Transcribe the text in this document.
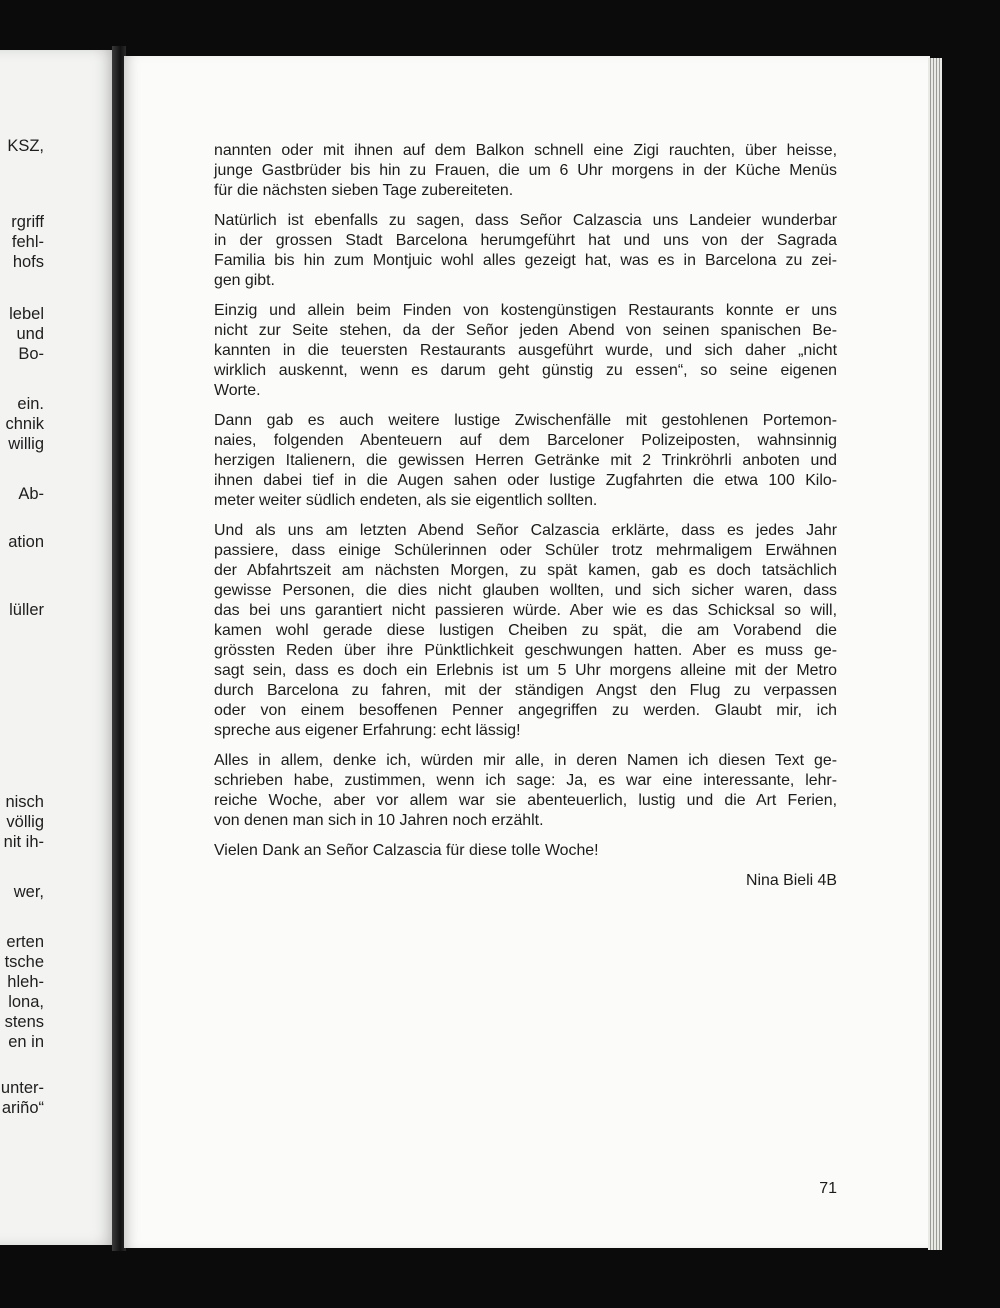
KSZ,
rgriff
fehl-
hofs
lebel
und
Bo-
ein.
chnik
willig
Ab-
ation
lüller
nisch
völlig
nit ih-
wer,
erten
tsche
hleh-
lona,
stens
en in
unter-
ariño“
nannten oder mit ihnen auf dem Balkon schnell eine Zigi rauchten, über heisse,
junge Gastbrüder bis hin zu Frauen, die um 6 Uhr morgens in der Küche Menüs
für die nächsten sieben Tage zubereiteten.
Natürlich ist ebenfalls zu sagen, dass Señor Calzascia uns Landeier wunderbar
in der grossen Stadt Barcelona herumgeführt hat und uns von der Sagrada
Familia bis hin zum Montjuic wohl alles gezeigt hat, was es in Barcelona zu zei-
gen gibt.
Einzig und allein beim Finden von kostengünstigen Restaurants konnte er uns
nicht zur Seite stehen, da der Señor jeden Abend von seinen spanischen Be-
kannten in die teuersten Restaurants ausgeführt wurde, und sich daher „nicht
wirklich auskennt, wenn es darum geht günstig zu essen“, so seine eigenen
Worte.
Dann gab es auch weitere lustige Zwischenfälle mit gestohlenen Portemon-
naies, folgenden Abenteuern auf dem Barceloner Polizeiposten, wahnsinnig
herzigen Italienern, die gewissen Herren Getränke mit 2 Trinkröhrli anboten und
ihnen dabei tief in die Augen sahen oder lustige Zugfahrten die etwa 100 Kilo-
meter weiter südlich endeten, als sie eigentlich sollten.
Und als uns am letzten Abend Señor Calzascia erklärte, dass es jedes Jahr
passiere, dass einige Schülerinnen oder Schüler trotz mehrmaligem Erwähnen
der Abfahrtszeit am nächsten Morgen, zu spät kamen, gab es doch tatsächlich
gewisse Personen, die dies nicht glauben wollten, und sich sicher waren, dass
das bei uns garantiert nicht passieren würde. Aber wie es das Schicksal so will,
kamen wohl gerade diese lustigen Cheiben zu spät, die am Vorabend die
grössten Reden über ihre Pünktlichkeit geschwungen hatten. Aber es muss ge-
sagt sein, dass es doch ein Erlebnis ist um 5 Uhr morgens alleine mit der Metro
durch Barcelona zu fahren, mit der ständigen Angst den Flug zu verpassen
oder von einem besoffenen Penner angegriffen zu werden. Glaubt mir, ich
spreche aus eigener Erfahrung: echt lässig!
Alles in allem, denke ich, würden mir alle, in deren Namen ich diesen Text ge-
schrieben habe, zustimmen, wenn ich sage: Ja, es war eine interessante, lehr-
reiche Woche, aber vor allem war sie abenteuerlich, lustig und die Art Ferien,
von denen man sich in 10 Jahren noch erzählt.
Vielen Dank an Señor Calzascia für diese tolle Woche!
Nina Bieli 4B
71
